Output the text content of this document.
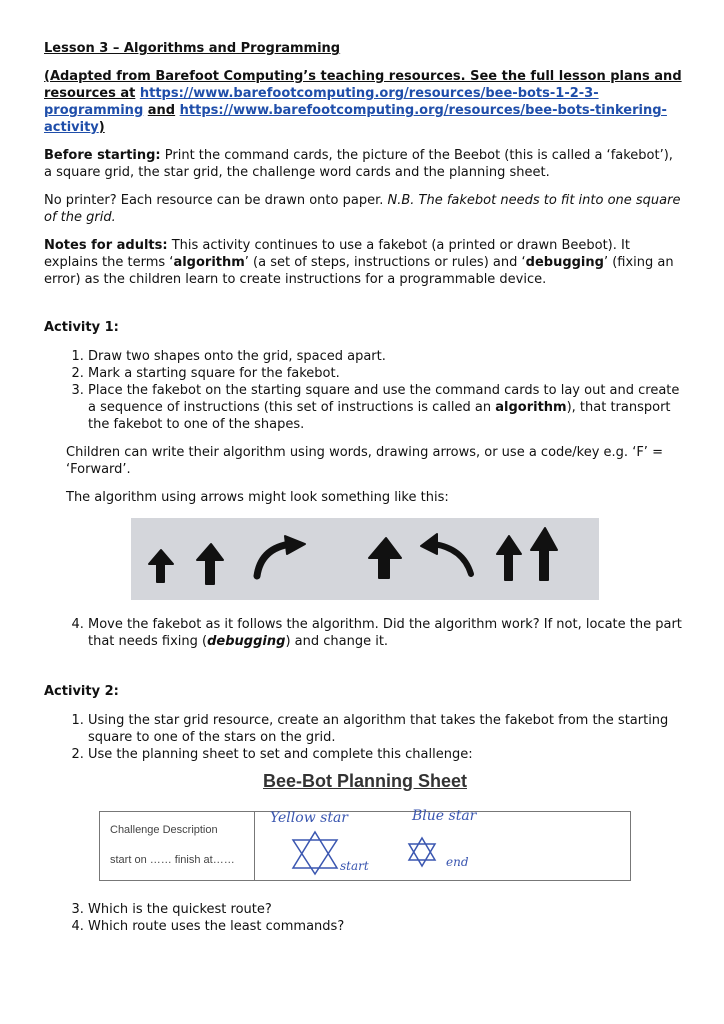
Lesson 3 – Algorithms and Programming
(Adapted from Barefoot Computing’s teaching resources. See the full lesson plans and resources at https://www.barefootcomputing.org/resources/bee-bots-1-2-3-programming and https://www.barefootcomputing.org/resources/bee-bots-tinkering-activity)

Before starting: Print the command cards, the picture of the Beebot (this is called a ‘fakebot’), a square grid, the star grid, the challenge word cards and the planning sheet.

No printer? Each resource can be drawn onto paper. N.B. The fakebot needs to fit into one square of the grid.

Notes for adults: This activity continues to use a fakebot (a printed or drawn Beebot). It explains the terms ‘algorithm’ (a set of steps, instructions or rules) and ‘debugging’ (fixing an error) as the children learn to create instructions for a programmable device.

Activity 1:
1. Draw two shapes onto the grid, spaced apart.
2. Mark a starting square for the fakebot.
3. Place the fakebot on the starting square and use the command cards to lay out and create a sequence of instructions (this set of instructions is called an algorithm), that transport the fakebot to one of the shapes.

Children can write their algorithm using words, drawing arrows, or use a code/key e.g. ‘F’ = ‘Forward’.

The algorithm using arrows might look something like this:

4. Move the fakebot as it follows the algorithm. Did the algorithm work? If not, locate the part that needs fixing (debugging) and change it.
Activity 2:
1. Using the star grid resource, create an algorithm that takes the fakebot from the starting square to one of the stars on the grid.
2. Use the planning sheet to set and complete this challenge:
Bee-Bot Planning Sheet
Challenge Description
start on …… finish at……
Yellow star	Blue star
start	end
3. Which is the quickest route?
4. Which route uses the least commands?
